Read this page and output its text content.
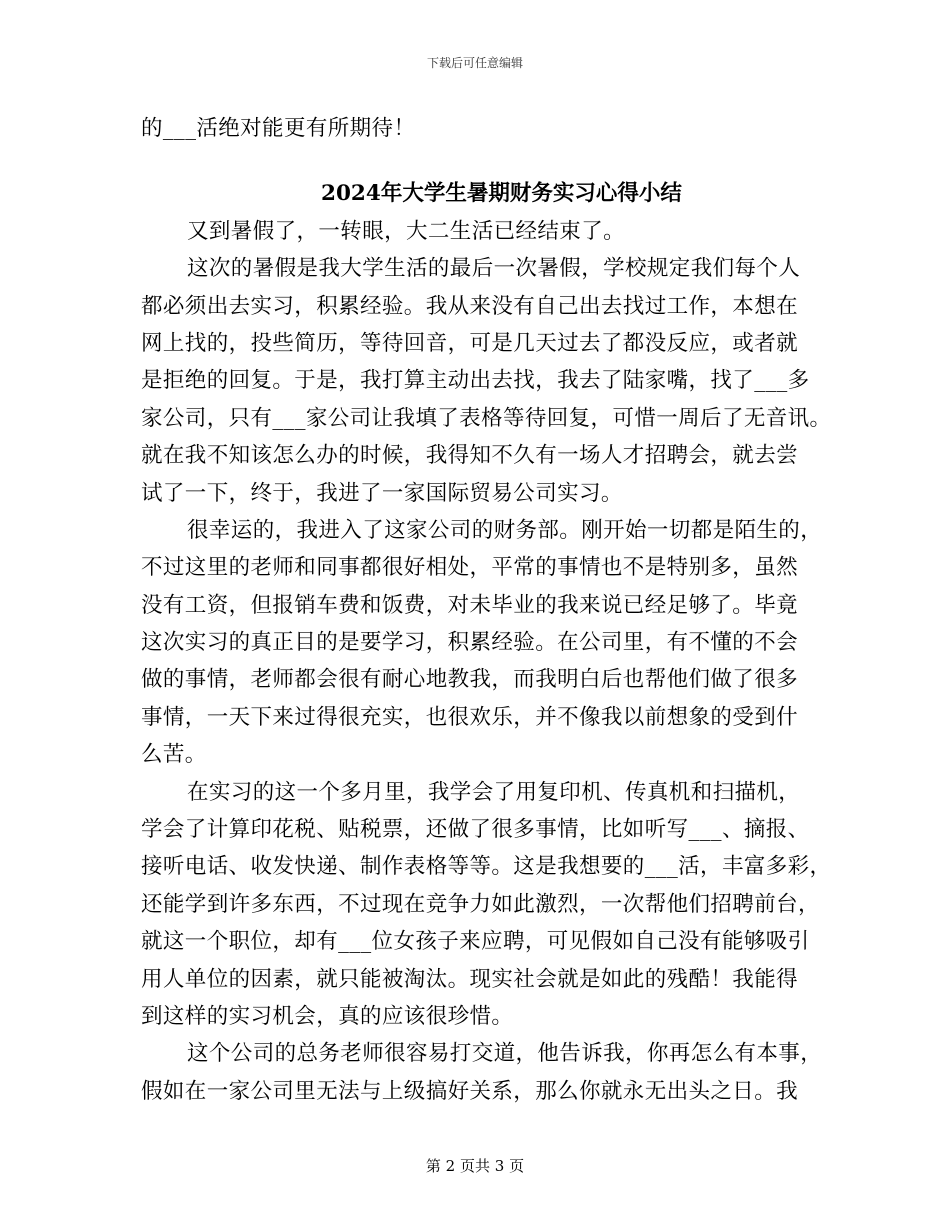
下载后可任意编辑
的___活绝对能更有所期待！
2024年大学生暑期财务实习心得小结
又到暑假了，一转眼，大二生活已经结束了。
这次的暑假是我大学生活的最后一次暑假，学校规定我们每个人
都必须出去实习，积累经验。我从来没有自己出去找过工作，本想在
网上找的，投些简历，等待回音，可是几天过去了都没反应，或者就
是拒绝的回复。于是，我打算主动出去找，我去了陆家嘴，找了___多
家公司，只有___家公司让我填了表格等待回复，可惜一周后了无音讯。
就在我不知该怎么办的时候，我得知不久有一场人才招聘会，就去尝
试了一下，终于，我进了一家国际贸易公司实习。
很幸运的，我进入了这家公司的财务部。刚开始一切都是陌生的，
不过这里的老师和同事都很好相处，平常的事情也不是特别多，虽然
没有工资，但报销车费和饭费，对未毕业的我来说已经足够了。毕竟
这次实习的真正目的是要学习，积累经验。在公司里，有不懂的不会
做的事情，老师都会很有耐心地教我，而我明白后也帮他们做了很多
事情，一天下来过得很充实，也很欢乐，并不像我以前想象的受到什
么苦。
在实习的这一个多月里，我学会了用复印机、传真机和扫描机，
学会了计算印花税、贴税票，还做了很多事情，比如听写___、摘报、
接听电话、收发快递、制作表格等等。这是我想要的___活，丰富多彩，
还能学到许多东西，不过现在竞争力如此激烈，一次帮他们招聘前台，
就这一个职位，却有___位女孩子来应聘，可见假如自己没有能够吸引
用人单位的因素，就只能被淘汰。现实社会就是如此的残酷！我能得
到这样的实习机会，真的应该很珍惜。
这个公司的总务老师很容易打交道，他告诉我，你再怎么有本事，
假如在一家公司里无法与上级搞好关系，那么你就永无出头之日。我
第 2 页共 3 页
